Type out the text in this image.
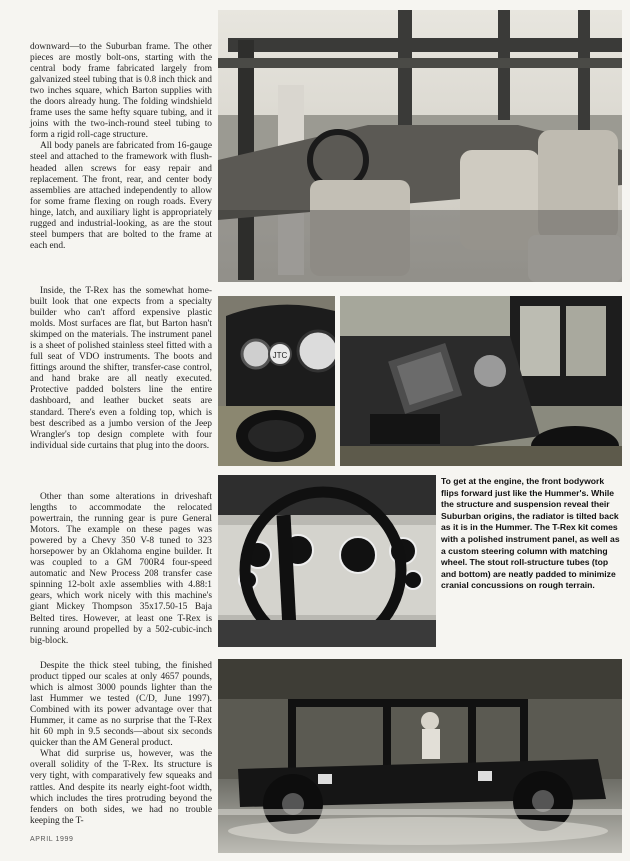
downward—to the Suburban frame. The other pieces are mostly bolt-ons, starting with the central body frame fabricated largely from galvanized steel tubing that is 0.8 inch thick and two inches square, which Barton supplies with the doors already hung. The folding windshield frame uses the same hefty square tubing, and it joins with the two-inch-round steel tubing to form a rigid roll-cage structure.

All body panels are fabricated from 16-gauge steel and attached to the framework with flush-headed allen screws for easy repair and replacement. The front, rear, and center body assemblies are attached independently to allow for some frame flexing on rough roads. Every hinge, latch, and auxiliary light is appropriately rugged and industrial-looking, as are the stout steel bumpers that are bolted to the frame at each end.

Inside, the T-Rex has the somewhat home-built look that one expects from a specialty builder who can't afford expensive plastic molds. Most surfaces are flat, but Barton hasn't skimped on the materials. The instrument panel is a sheet of polished stainless steel fitted with a full seat of VDO instruments. The boots and fittings around the shifter, transfer-case control, and hand brake are all neatly executed. Protective padded bolsters line the entire dashboard, and leather bucket seats are standard. There's even a folding top, which is best described as a jumbo version of the Jeep Wrangler's top design complete with four individual side curtains that plug into the doors.

Other than some alterations in driveshaft lengths to accommodate the relocated powertrain, the running gear is pure General Motors. The example on these pages was powered by a Chevy 350 V-8 tuned to 323 horsepower by an Oklahoma engine builder. It was coupled to a GM 700R4 four-speed automatic and New Process 208 transfer case spinning 12-bolt axle assemblies with 4.88:1 gears, which work nicely with this machine's giant Mickey Thompson 35x17.50-15 Baja Belted tires. However, at least one T-Rex is running around propelled by a 502-cubic-inch big-block.

Despite the thick steel tubing, the finished product tipped our scales at only 4657 pounds, which is almost 3000 pounds lighter than the last Hummer we tested (C/D, June 1997). Combined with its power advantage over that Hummer, it came as no surprise that the T-Rex hit 60 mph in 9.5 seconds—about six seconds quicker than the AM General product.

What did surprise us, however, was the overall solidity of the T-Rex. Its structure is very tight, with comparatively few squeaks and rattles. And despite its nearly eight-foot width, which includes the tires protruding beyond the fenders on both sides, we had no trouble keeping the T-

JTC

To get at the engine, the front bodywork flips forward just like the Hummer's. While the structure and suspension reveal their Suburban origins, the radiator is tilted back as it is in the Hummer. The T-Rex kit comes with a polished instrument panel, as well as a custom steering column with matching wheel. The stout roll-structure tubes (top and bottom) are neatly padded to minimize cranial concussions on rough terrain.

APRIL 1999
